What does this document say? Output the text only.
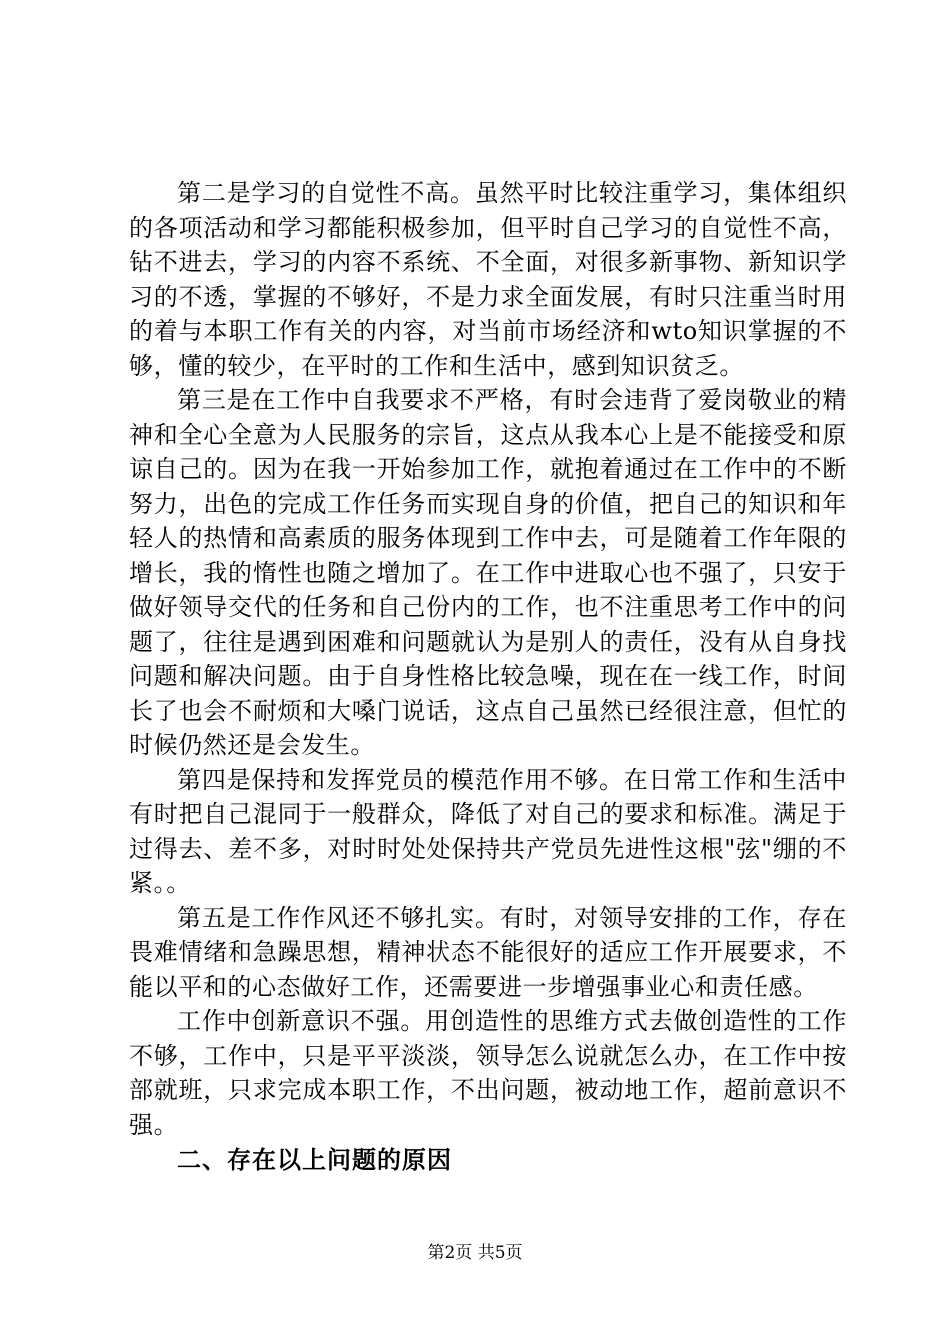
第二是学习的自觉性不高。虽然平时比较注重学习，集体组织的各项活动和学习都能积极参加，但平时自己学习的自觉性不高，钻不进去，学习的内容不系统、不全面，对很多新事物、新知识学习的不透，掌握的不够好，不是力求全面发展，有时只注重当时用的着与本职工作有关的内容，对当前市场经济和wto知识掌握的不够，懂的较少，在平时的工作和生活中，感到知识贫乏。

第三是在工作中自我要求不严格，有时会违背了爱岗敬业的精神和全心全意为人民服务的宗旨，这点从我本心上是不能接受和原谅自己的。因为在我一开始参加工作，就抱着通过在工作中的不断努力，出色的完成工作任务而实现自身的价值，把自己的知识和年轻人的热情和高素质的服务体现到工作中去，可是随着工作年限的增长，我的惰性也随之增加了。在工作中进取心也不强了，只安于做好领导交代的任务和自己份内的工作，也不注重思考工作中的问题了，往往是遇到困难和问题就认为是别人的责任，没有从自身找问题和解决问题。由于自身性格比较急噪，现在在一线工作，时间长了也会不耐烦和大嗓门说话，这点自己虽然已经很注意，但忙的时候仍然还是会发生。

第四是保持和发挥党员的模范作用不够。在日常工作和生活中有时把自己混同于一般群众，降低了对自己的要求和标准。满足于过得去、差不多，对时时处处保持共产党员先进性这根"弦"绷的不紧。。

第五是工作作风还不够扎实。有时，对领导安排的工作，存在畏难情绪和急躁思想，精神状态不能很好的适应工作开展要求，不能以平和的心态做好工作，还需要进一步增强事业心和责任感。

工作中创新意识不强。用创造性的思维方式去做创造性的工作不够，工作中，只是平平淡淡，领导怎么说就怎么办，在工作中按部就班，只求完成本职工作，不出问题，被动地工作，超前意识不强。

二、存在以上问题的原因

第2页 共5页
